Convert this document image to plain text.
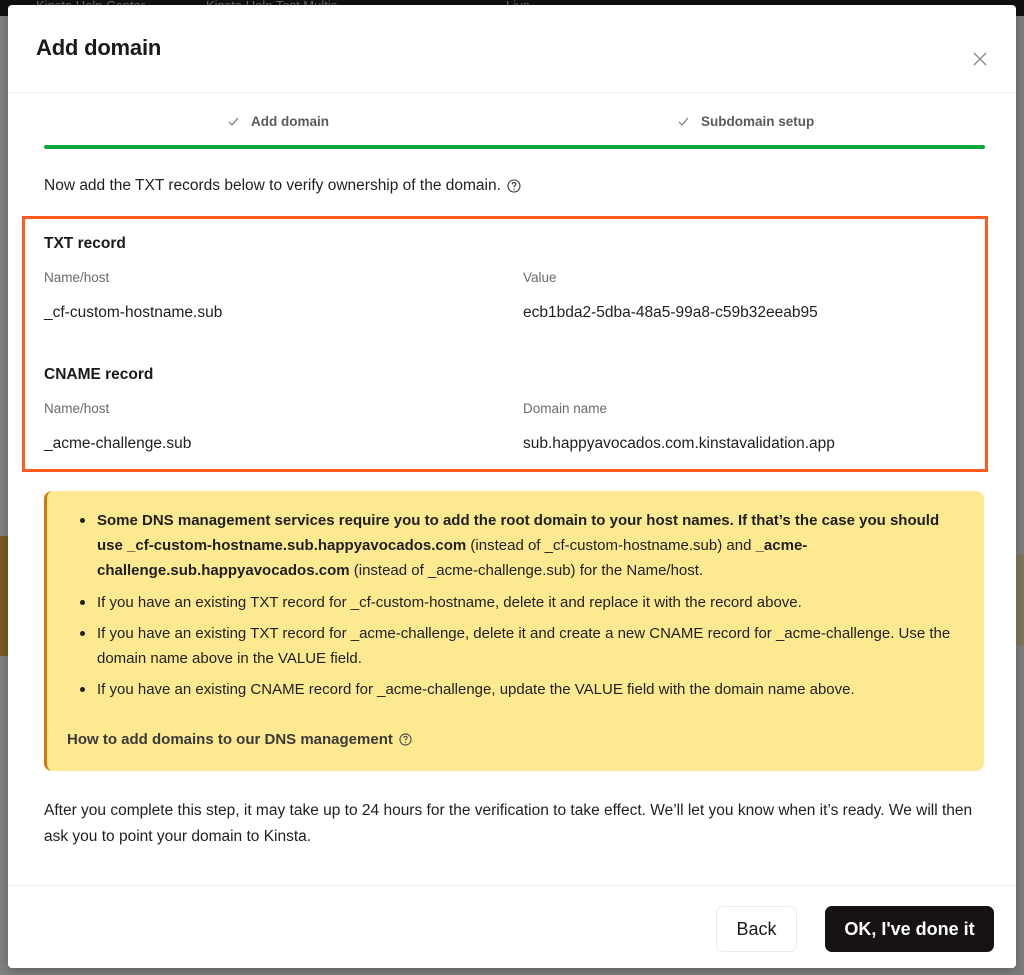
Add domain
Add domain	Subdomain setup
Now add the TXT records below to verify ownership of the domain.
TXT record
Name/host	Value
_cf-custom-hostname.sub	ecb1bda2-5dba-48a5-99a8-c59b32eeab95
CNAME record
Name/host	Domain name
_acme-challenge.sub	sub.happyavocados.com.kinstavalidation.app
Some DNS management services require you to add the root domain to your host names. If that’s the case you should use _cf-custom-hostname.sub.happyavocados.com (instead of _cf-custom-hostname.sub) and _acme-challenge.sub.happyavocados.com (instead of _acme-challenge.sub) for the Name/host.
If you have an existing TXT record for _cf-custom-hostname, delete it and replace it with the record above.
If you have an existing TXT record for _acme-challenge, delete it and create a new CNAME record for _acme-challenge. Use the domain name above in the VALUE field.
If you have an existing CNAME record for _acme-challenge, update the VALUE field with the domain name above.
How to add domains to our DNS management
After you complete this step, it may take up to 24 hours for the verification to take effect. We’ll let you know when it’s ready. We will then ask you to point your domain to Kinsta.
Back	OK, I've done it
